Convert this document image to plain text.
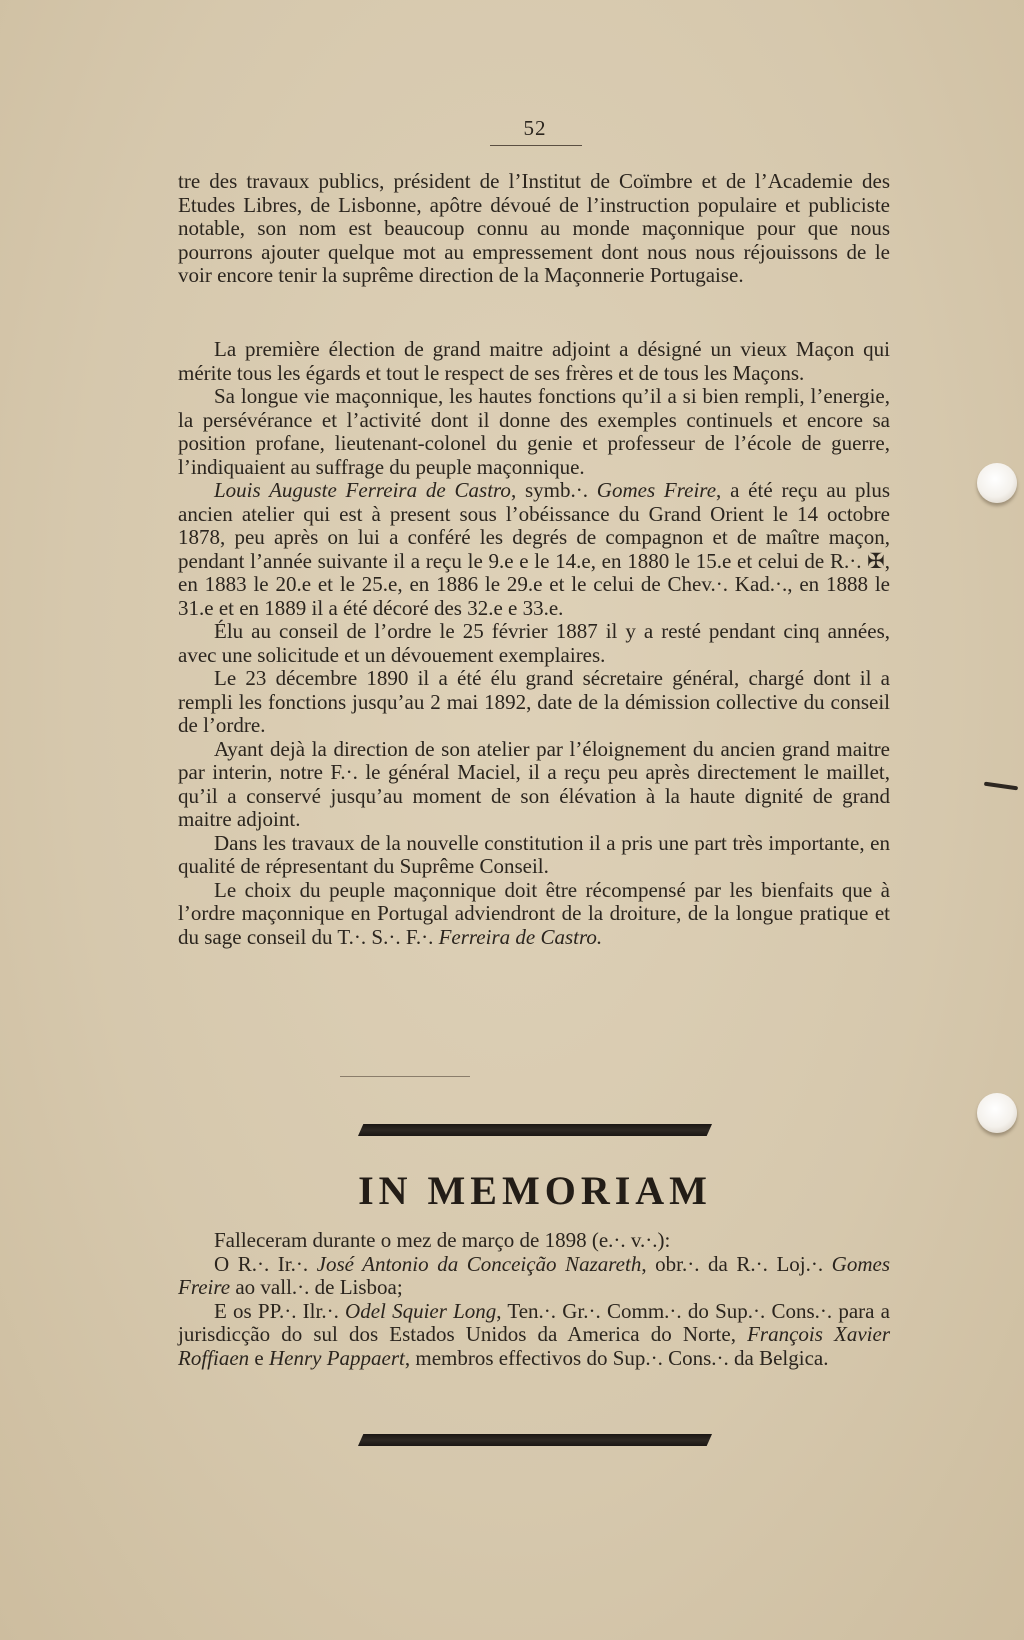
52

tre des travaux publics, président de l’Institut de Coïmbre et de l’Academie des Etudes Libres, de Lisbonne, apôtre dévoué de l’instruction populaire et publiciste notable, son nom est beaucoup connu au monde maçonnique pour que nous pourrons ajouter quelque mot au empressement dont nous nous réjouissons de le voir encore tenir la suprême direction de la Maçonnerie Portugaise.

La première élection de grand maitre adjoint a désigné un vieux Maçon qui mérite tous les égards et tout le respect de ses frères et de tous les Maçons.

Sa longue vie maçonnique, les hautes fonctions qu’il a si bien rempli, l’energie, la persévérance et l’activité dont il donne des exemples continuels et encore sa position profane, lieutenant-colonel du genie et professeur de l’école de guerre, l’indiquaient au suffrage du peuple maçonnique.

Louis Auguste Ferreira de Castro, symb.·. Gomes Freire, a été reçu au plus ancien atelier qui est à present sous l’obéissance du Grand Orient le 14 octobre 1878, peu après on lui a conféré les degrés de compagnon et de maître maçon, pendant l’année suivante il a reçu le 9.e e le 14.e, en 1880 le 15.e et celui de R.·. ✠, en 1883 le 20.e et le 25.e, en 1886 le 29.e et le celui de Chev.·. Kad.·., en 1888 le 31.e et en 1889 il a été décoré des 32.e e 33.e.

Élu au conseil de l’ordre le 25 février 1887 il y a resté pendant cinq années, avec une solicitude et un dévouement exemplaires.

Le 23 décembre 1890 il a été élu grand sécretaire général, chargé dont il a rempli les fonctions jusqu’au 2 mai 1892, date de la démission collective du conseil de l’ordre.

Ayant dejà la direction de son atelier par l’éloignement du ancien grand maitre par interin, notre F.·. le général Maciel, il a reçu peu après directement le maillet, qu’il a conservé jusqu’au moment de son élévation à la haute dignité de grand maitre adjoint.

Dans les travaux de la nouvelle constitution il a pris une part très importante, en qualité de répresentant du Suprême Conseil.

Le choix du peuple maçonnique doit être récompensé par les bienfaits que à l’ordre maçonnique en Portugal adviendront de la droiture, de la longue pratique et du sage conseil du T.·. S.·. F.·. Ferreira de Castro.

IN MEMORIAM

Falleceram durante o mez de março de 1898 (e.·. v.·.):

O R.·. Ir.·. José Antonio da Conceição Nazareth, obr.·. da R.·. Loj.·. Gomes Freire ao vall.·. de Lisboa;

E os PP.·. Ilr.·. Odel Squier Long, Ten.·. Gr.·. Comm.·. do Sup.·. Cons.·. para a jurisdicção do sul dos Estados Unidos da America do Norte, François Xavier Roffiaen e Henry Pappaert, membros effectivos do Sup.·. Cons.·. da Belgica.
